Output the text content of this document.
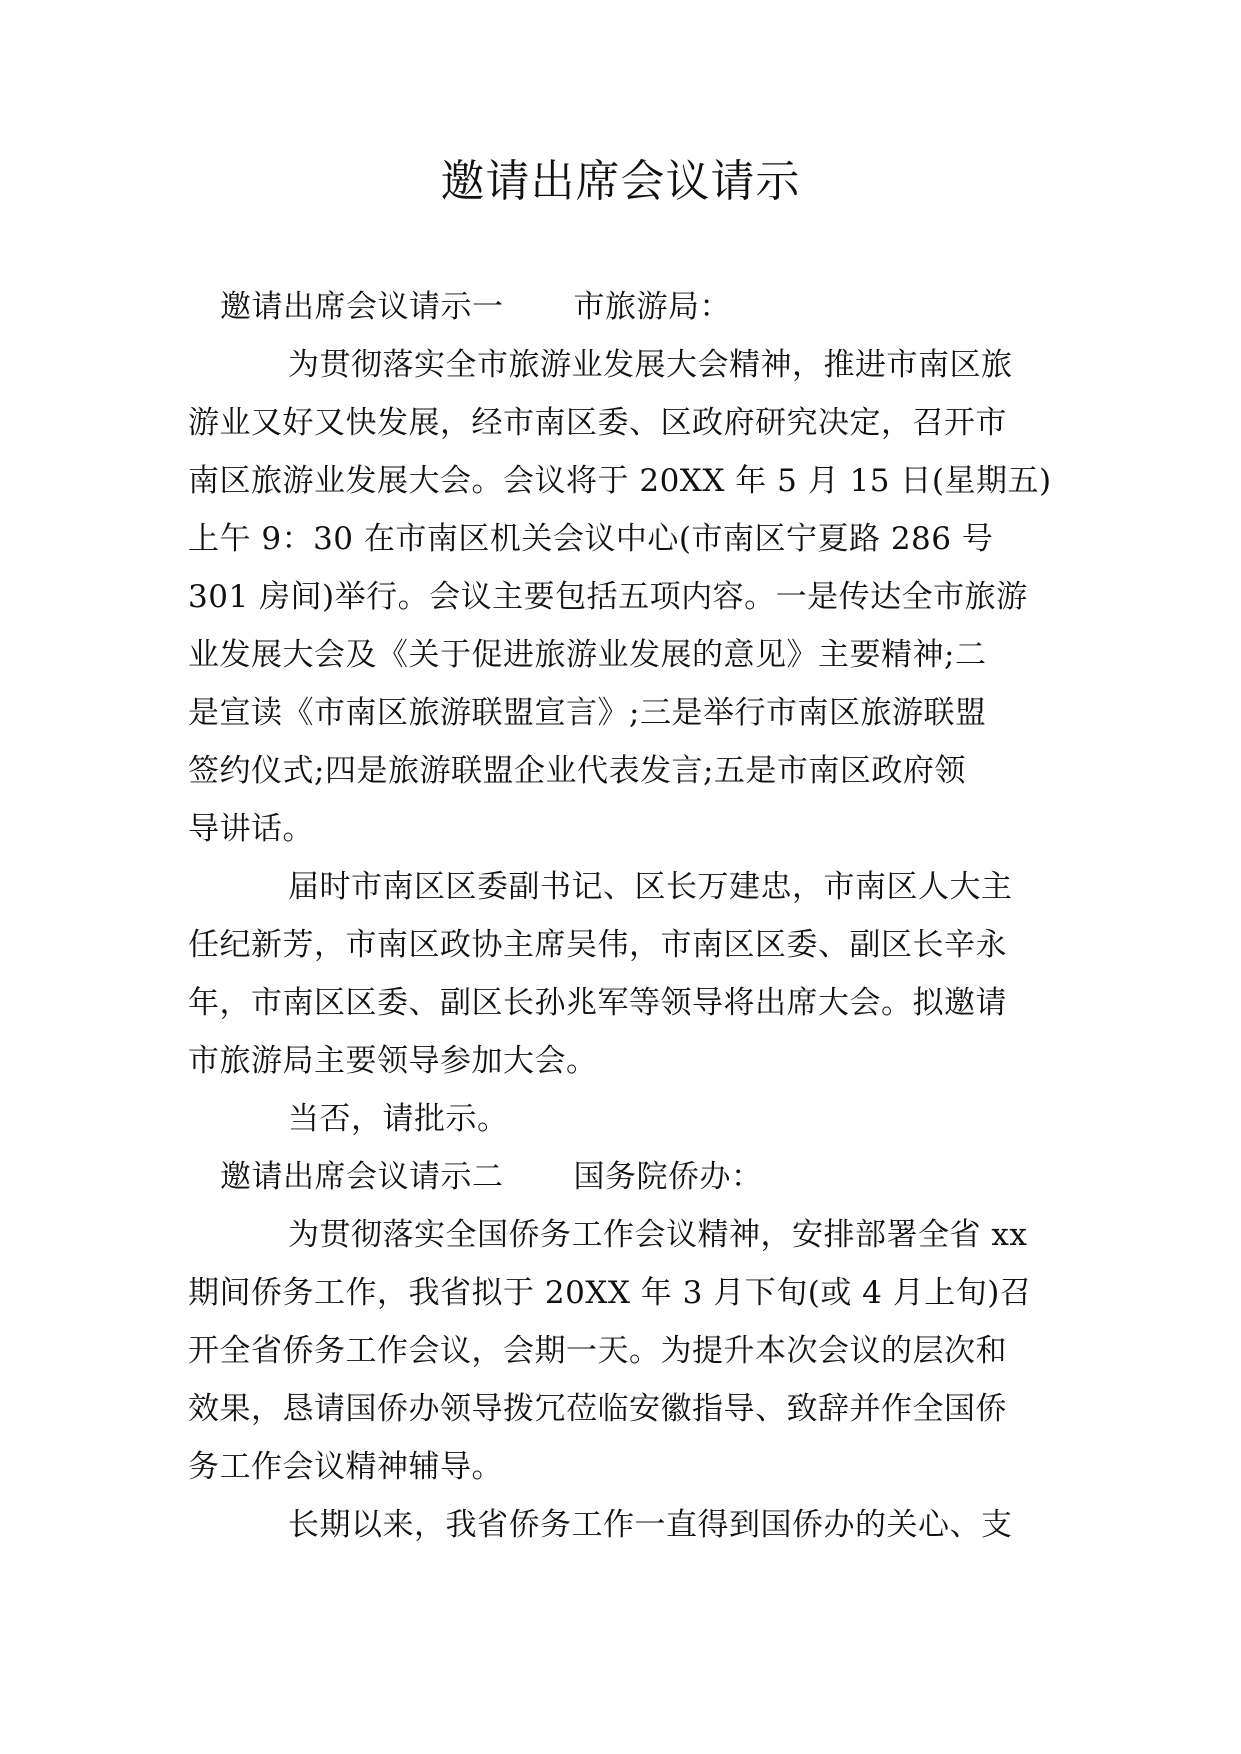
邀请出席会议请示
邀请出席会议请示一 市旅游局：
为贯彻落实全市旅游业发展大会精神，推进市南区旅
游业又好又快发展，经市南区委、区政府研究决定，召开市
南区旅游业发展大会。会议将于 20XX 年 5 月 15 日(星期五)
上午 9：30 在市南区机关会议中心(市南区宁夏路 286 号
301 房间)举行。会议主要包括五项内容。一是传达全市旅游
业发展大会及《关于促进旅游业发展的意见》主要精神;二
是宣读《市南区旅游联盟宣言》;三是举行市南区旅游联盟
签约仪式;四是旅游联盟企业代表发言;五是市南区政府领
导讲话。
届时市南区区委副书记、区长万建忠，市南区人大主
任纪新芳，市南区政协主席吴伟，市南区区委、副区长辛永
年，市南区区委、副区长孙兆军等领导将出席大会。拟邀请
市旅游局主要领导参加大会。
当否，请批示。
邀请出席会议请示二 国务院侨办：
为贯彻落实全国侨务工作会议精神，安排部署全省 xx
期间侨务工作，我省拟于 20XX 年 3 月下旬(或 4 月上旬)召
开全省侨务工作会议，会期一天。为提升本次会议的层次和
效果，恳请国侨办领导拨冗莅临安徽指导、致辞并作全国侨
务工作会议精神辅导。
长期以来，我省侨务工作一直得到国侨办的关心、支
